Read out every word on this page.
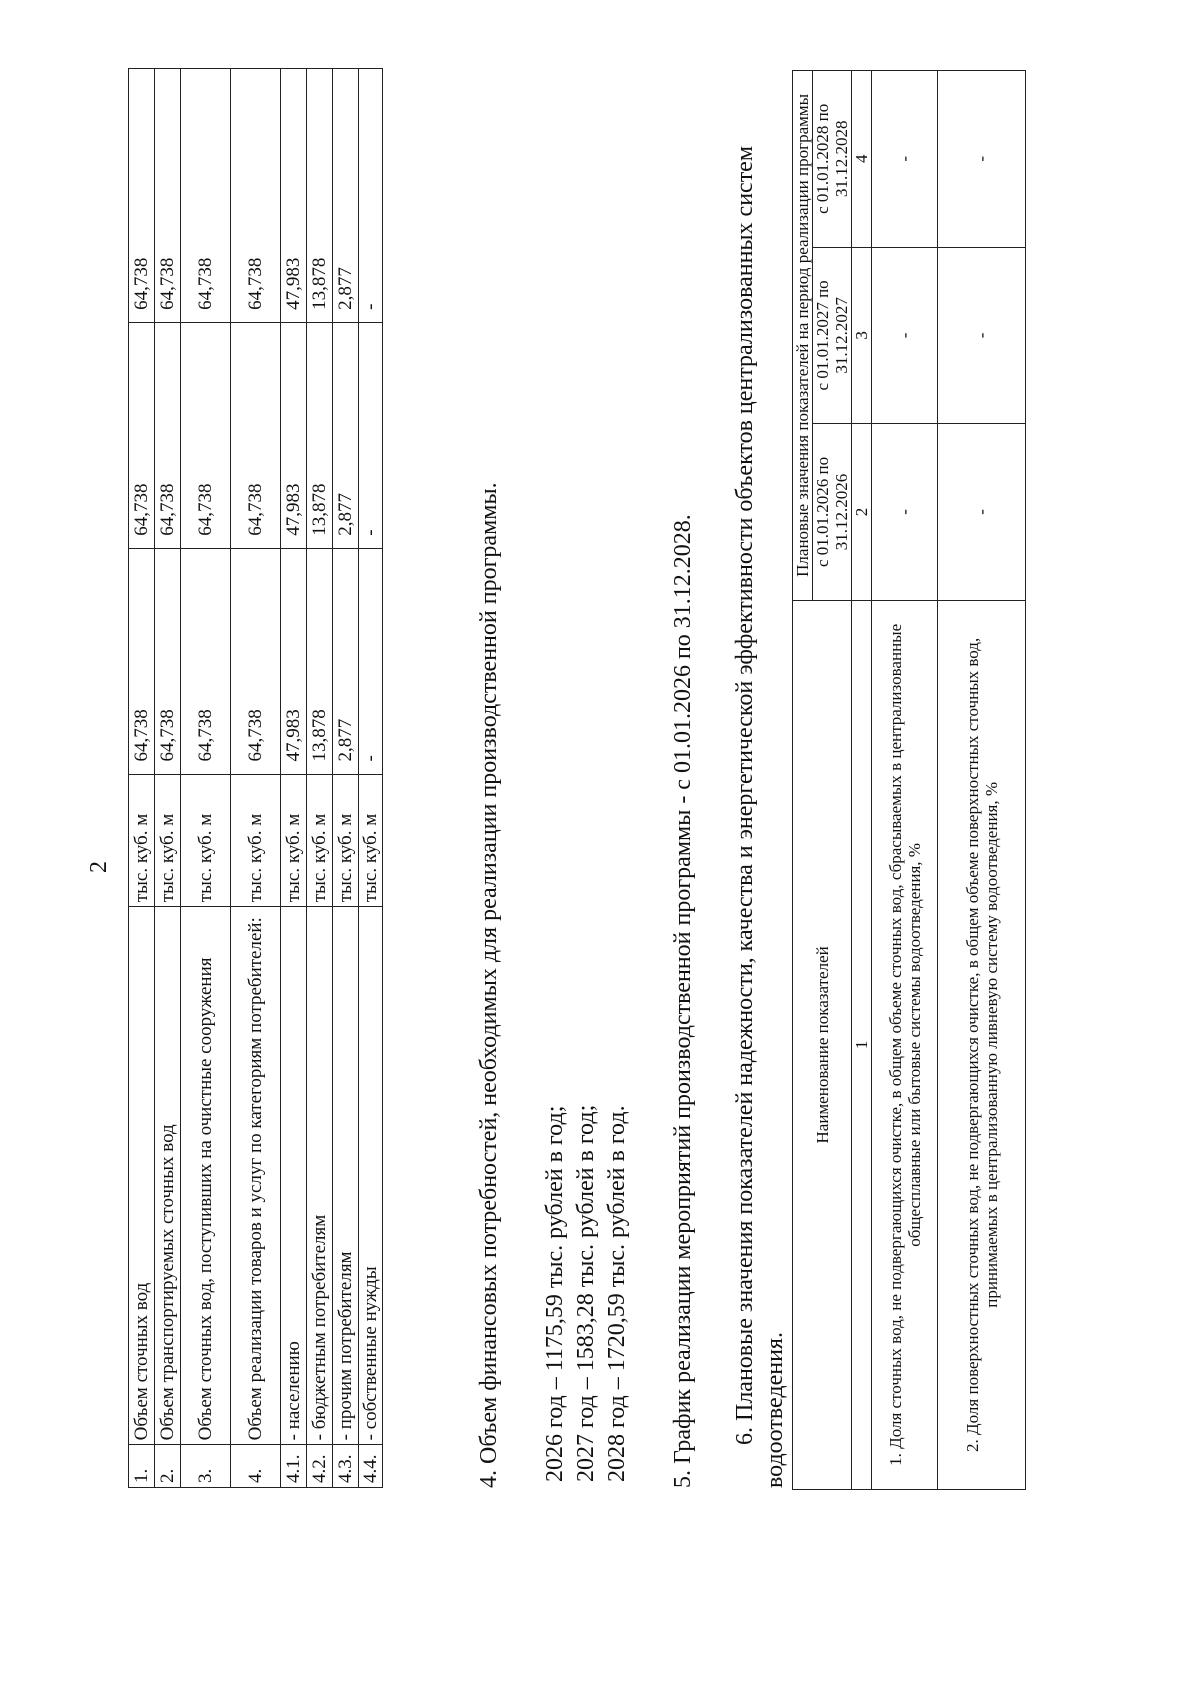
2
1.	Объем сточных вод	тыс. куб. м	64,738	64,738	64,738
2.	Объем транспортируемых сточных вод	тыс. куб. м	64,738	64,738	64,738
3.	Объем сточных вод, поступивших на очистные сооружения	тыс. куб. м	64,738	64,738	64,738
4.	Объем реализации товаров и услуг по категориям потребителей:	тыс. куб. м	64,738	64,738	64,738
4.1.	- населению	тыс. куб. м	47,983	47,983	47,983
4.2.	- бюджетным потребителям	тыс. куб. м	13,878	13,878	13,878
4.3.	- прочим потребителям	тыс. куб. м	2,877	2,877	2,877
4.4.	- собственные нужды	тыс. куб. м	-	-	-
4. Объем финансовых потребностей, необходимых для реализации производственной программы. 2026 год – 1175,59 тыс. рублей в год; 2027 год – 1583,28 тыс. рублей в год; 2028 год – 1720,59 тыс. рублей в год. 5. График реализации мероприятий производственной программы - с 01.01.2026 по 31.12.2028. 6. Плановые значения показателей надежности, качества и энергетической эффективности объектов централизованных систем водоотведения.
Наименование показателей	Плановые значения показателей на период реализации программы		
	с 01.01.2026 по 31.12.2026	с 01.01.2027 по 31.12.2027	с 01.01.2028 по 31.12.2028
1	2	3	4
1. Доля сточных вод, не подвергающихся очистке, в общем объеме сточных вод, сбрасываемых в централизованные общесплавные или бытовые системы водоотведения, %	-	-	-
2. Доля поверхностных сточных вод, не подвергающихся очистке, в общем объеме поверхностных сточных вод, принимаемых в централизованную ливневую систему водоотведения, %	-	-	-
